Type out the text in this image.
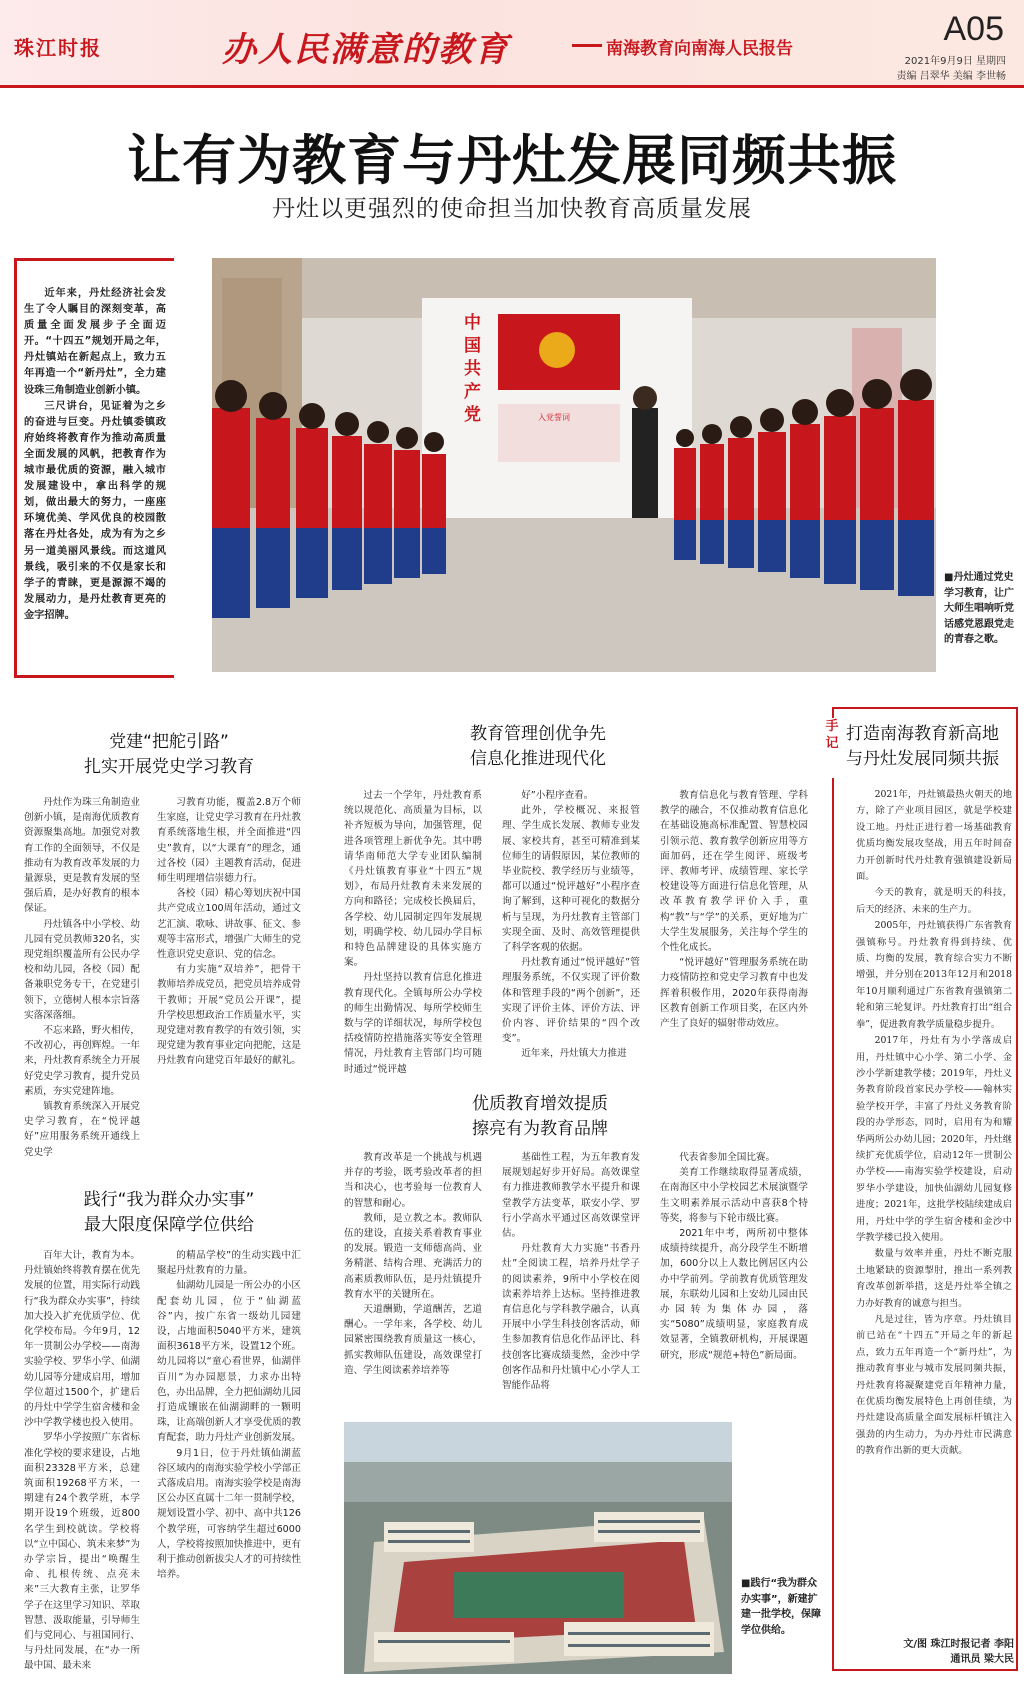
珠江时报	办人民满意的教育	南海教育向南海人民报告
A05
2021年9月9日 星期四
责编 吕翠华 美编 李世畅
让有为教育与丹灶发展同频共振
丹灶以更强烈的使命担当加快教育高质量发展

近年来，丹灶经济社会发生了令人瞩目的深刻变革，高质量全面发展步子全面迈开。“十四五”规划开局之年，丹灶镇站在新起点上，致力五年再造一个“新丹灶”，全力建设珠三角制造业创新小镇。

三尺讲台，见证着为之乡的奋进与巨变。丹灶镇委镇政府始终将教育作为推动高质量全面发展的风帆，把教育作为城市最优质的资源，融入城市发展建设中，拿出科学的规划，做出最大的努力，一座座环境优美、学风优良的校园散落在丹灶各处，成为有为之乡另一道美丽风景线。而这道风景线，吸引来的不仅是家长和学子的青睐，更是源源不竭的发展动力，是丹灶教育更亮的金字招牌。

入党誓词
中
国
共
产
党
■丹灶通过党史学习教育，让广大师生唱响听党话感党恩跟党走的青春之歌。
党建“把舵引路”
扎实开展党史学习教育

丹灶作为珠三角制造业创新小镇，是南海优质教育资源聚集高地。加强党对教育工作的全面领导，不仅是推动有为教育改革发展的力量源泉，更是教育发展的坚强后盾，是办好教育的根本保证。

丹灶镇各中小学校、幼儿园有党员教师320名，实现党组织覆盖所有公民办学校和幼儿园，各校（园）配备兼职党务专干，在党建引领下，立德树人根本宗旨落实落深落细。

不忘来路，野火相传，不改初心，再创辉煌。一年来，丹灶教育系统全力开展好党史学习教育，提升党员素质，夯实党建阵地。

镇教育系统深入开展党史学习教育，在“悦评越好”应用服务系统开通线上党史学

习教育功能，覆盖2.8万个师生家庭，让党史学习教育在丹灶教育系统落地生根，并全面推进“四史”教育，以“大课育”的理念，通过各校（园）主题教育活动，促进师生明理增信崇德力行。

各校（园）精心筹划庆祝中国共产党成立100周年活动，通过文艺汇演、歌咏、讲故事、征文、参观等丰富形式，增强广大师生的党性意识党史意识、党的信念。

有力实施“双培养”，把骨干教师培养成党员，把党员培养成骨干教师；开展“党员公开课”，提升学校思想政治工作质量水平，实现党建对教育教学的有效引领，实现党建为教育事业定向把舵，这是丹灶教育向建党百年最好的献礼。

教育管理创优争先
信息化推进现代化

过去一个学年，丹灶教育系统以规范化、高质量为目标，以补齐短板为导向，加强管理，促进各项管理上新优争先。其中聘请华南师范大学专业团队编制《丹灶镇教育事业“十四五”规划》，布局丹灶教育未来发展的方向和路径；完成校长换届后，各学校、幼儿园制定四年发展规划，明确学校、幼儿园办学目标和特色品牌建设的具体实施方案。

丹灶坚持以教育信息化推进教育现代化。全镇每所公办学校的师生出勤情况、每所学校师生数与学的详细状况，每所学校包括疫情防控措施落实等安全管理情况，丹灶教育主管部门均可随时通过“悦评越

好”小程序查看。

此外，学校概况、来报管理、学生成长发展、教师专业发展、家校共育，甚至可精准到某位师生的请假原因，某位教师的毕业院校、教学经历与业绩等，都可以通过“悦评越好”小程序查询了解到，这种可视化的数据分析与呈现，为丹灶教育主管部门实现全面、及时、高效管理提供了科学客观的依据。

丹灶教育通过“悦评越好”管理服务系统，不仅实现了评价数体和管理手段的“两个创新”，还实现了评价主体、评价方法、评价内容、评价结果的“四个改变”。

近年来，丹灶镇大力推进

教育信息化与教育管理、学科教学的融合，不仅推动教育信息化在基础设施高标准配置、智慧校园引领示范、教育教学创新应用等方面加码，还在学生阅评、班级考评、教师考评、成绩管理、家长学校建设等方面进行信息化管理，从改革教育教学评价入手，重构“教”与“学”的关系，更好地为广大学生发展服务，关注每个学生的个性化成长。

“悦评越好”管理服务系统在助力疫情防控和党史学习教育中也发挥着积极作用，2020年获得南海区教育创新工作项目奖，在区内外产生了良好的辐射带动效应。

优质教育增效提质
擦亮有为教育品牌

教育改革是一个挑战与机遇并存的考验，既考验改革者的担当和决心，也考验每一位教育人的智慧和耐心。

教师，是立教之本。教师队伍的建设，直接关系着教育事业的发展。锻造一支师德高尚、业务精湛、结构合理、充满活力的高素质教师队伍，是丹灶镇提升教育水平的关键所在。

天道酬勤，学道酬苦，艺道酬心。一学年来，各学校、幼儿园紧密围绕教育质量这一核心，抓实教师队伍建设，高效课堂打造、学生阅读素养培养等

基础性工程，为五年教育发展规划起好步开好局。高效课堂有力推进教师教学水平提升和课堂教学方法变革，联安小学、罗行小学高水平通过区高效课堂评估。

丹灶教育大力实施“书香丹灶”全阅读工程，培养丹灶学子的阅读素养，9所中小学校在阅读素养培养上达标。坚持推进教育信息化与学科教学融合，认真开展中小学生科技创客活动，师生参加教育信息化作品评比、科技创客比赛成绩斐然，金沙中学创客作品和丹灶镇中心小学人工智能作品将

代表省参加全国比赛。

美育工作继续取得显著成绩，在南海区中小学校园艺术展演暨学生文明素养展示活动中喜获8个特等奖，将参与下轮市级比赛。

2021年中考，两所初中整体成绩持续提升，高分段学生不断增加，600分以上人数比例居区内公办中学前列。学前教育优质管理发展，东联幼儿园和上安幼儿园由民办园转为集体办园，落实“5080”成绩明显，家庭教育成效显著，全镇教研机构，开展课题研究，形成“规范+特色”新局面。

践行“我为群众办实事”
最大限度保障学位供给

百年大计，教育为本。丹灶镇始终将教育摆在优先发展的位置，用实际行动践行“我为群众办实事”，持续加大投入扩充优质学位、优化学校布局。今年9月，12年一贯制公办学校——南海实验学校、罗华小学、仙湖幼儿园等分建成启用，增加学位超过1500个，扩建后的丹灶中学学生宿舍楼和金沙中学教学楼也投入使用。

罗华小学按照广东省标准化学校的要求建设，占地面积23328平方米，总建筑面积19268平方米，一期建有24个教学班，本学期开设19个班级，近800名学生到校就读。学校将以“立中国心、筑未来梦”为办学宗旨，提出“唤醒生命、扎根传统、点亮未来”三大教育主张，让罗华学子在这里学习知识、萃取智慧、汲取能量，引导师生们与党同心、与祖国同行、与丹灶同发展，在“办一所最中国、最未来

的精品学校”的生动实践中汇聚起丹灶教育的力量。

仙湖幼儿园是一所公办的小区配套幼儿园，位于“仙湖蓝谷”内，按广东省一级幼儿园建设，占地面积5040平方米，建筑面积3618平方米，设置12个班。幼儿园将以“童心看世界，仙湖伴百川”为办园愿景，力求办出特色，办出品牌，全力把仙湖幼儿园打造成镶嵌在仙湖湖畔的一颗明珠，让高端创新人才享受优质的教育配套，助力丹灶产业创新发展。

9月1日，位于丹灶镇仙湖蓝谷区域内的南海实验学校小学部正式落成启用。南海实验学校是南海区公办区直属十二年一贯制学校，规划设置小学、初中、高中共126个教学班，可容纳学生超过6000人，学校将按照加快推进中，更有利于推动创新拔尖人才的可持续性培养。

■践行“我为群众办实事”，新建扩建一批学校，保障学位供给。
手记 打造南海教育新高地
与丹灶发展同频共振

2021年，丹灶镇最热火朝天的地方，除了产业项目园区，就是学校建设工地。丹灶正进行着一场基础教育优质均衡发展攻坚战，用五年时间奋力开创新时代丹灶教育强镇建设新局面。

今天的教育，就是明天的科技，后天的经济、未来的生产力。

2005年，丹灶镇获得广东省教育强镇称号。丹灶教育得到持续、优质、均衡的发展，教育综合实力不断增强，并分别在2013年12月和2018年10月顺利通过广东省教育强镇第二轮和第三轮复评。丹灶教育打出“组合拳”，促进教育教学质量稳步提升。

2017年，丹灶有为小学落成启用，丹灶镇中心小学、第二小学、金沙小学新建教学楼；2019年，丹灶义务教育阶段首家民办学校——翰林实验学校开学，丰富了丹灶义务教育阶段的办学形态，同时，启用有为和耀华两所公办幼儿园；2020年，丹灶继续扩充优质学位，启动12年一贯制公办学校——南海实验学校建设，启动罗华小学建设，加快仙湖幼儿园复修进度；2021年，这批学校陆续建成启用，丹灶中学的学生宿舍楼和金沙中学教学楼已投入使用。

数量与效率并重，丹灶不断克服土地紧缺的资源掣肘，推出一系列教育改革创新举措，这是丹灶举全镇之力办好教育的诚意与担当。

凡是过往，皆为序章。丹灶镇目前已站在“十四五”开局之年的新起点，致力五年再造一个“新丹灶”，为推动教育事业与城市发展同频共振，丹灶教育将凝聚建党百年精神力量，在优质均衡发展特色上再创佳绩，为丹灶建设高质量全面发展标杆镇注入强劲的内生动力，为办丹灶市民满意的教育作出新的更大贡献。

文/图 珠江时报记者 李阳
通讯员 梁大民
